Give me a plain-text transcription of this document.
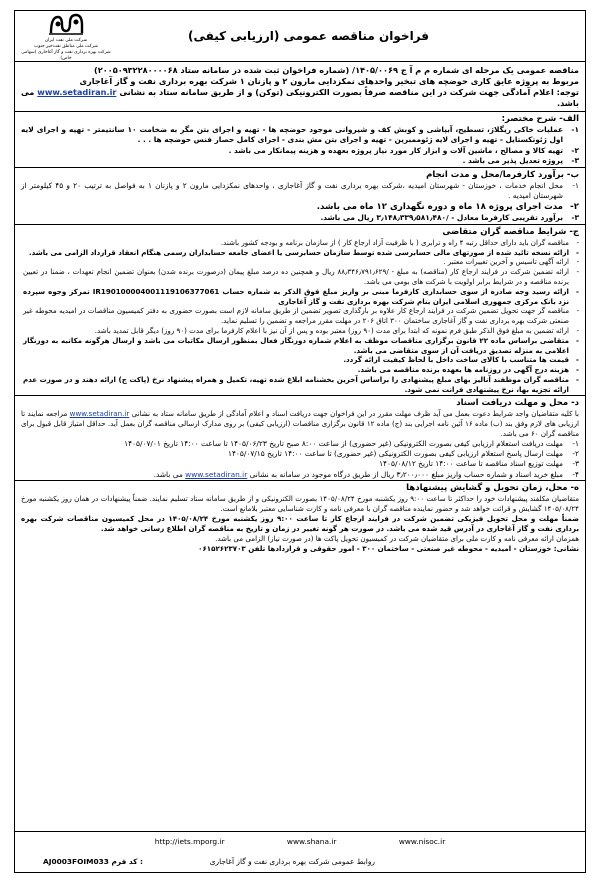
فراخوان مناقصه عمومی (ارزیابی کیفی)
شرکت ملی نفت ایران
شرکت ملی مناطق نفت‌خیز جنوب
شرکت بهره برداری نفت و گاز آغاجاری (سهامی خاص)
مناقصه عمومی یک مرحله ای شماره م م آ ج ۱۴۰۵/۰۰۶۹/ (شماره فراخوان ثبت شده در سامانه ستاد ۲۰۰۵۰۹۳۲۲۸۰۰۰۰۶۸)
مربوط به پروژه عایق کاری حوضچه های تبخیر واحدهای نمکزدایی مارون ۲ و پازنان ۱ شرکت بهره برداری نفت و گاز آغاجاری
توجه: اعلام آمادگی جهت شرکت در این مناقصه صرفاً بصورت الکترونیکی (توکن) و از طریق سامانه ستاد به نشانی www.setadiran.ir می باشد.
الف- شرح مختصر:
۱-
عملیات خاکی ریگلاژ، تسطیح، آبپاشی و کوبش کف و شیروانی موجود حوضچه ها - تهیه و اجرای بتن مگر به ضخامت ۱۰ سانتیمتر - تهیه و اجرای لایه اول ژئوتکستایل - تهیه و اجرای لایه ژئوممبرین - تهیه و اجرای بتن مش بندی - اجرای کامل حصار فنس حوضچه ها . . .
۲-
تهیه کالا و مصالح ، ماشین آلات و ابزار کار مورد نیاز پروژه بعهده و هزینه پیمانکار می باشد .
۳-
پروژه تعدیل پذیر می باشد .
ب- برآورد کارفرما/محل و مدت انجام
۱-
محل انجام خدمات ، خوزستان - شهرستان امیدیه ،شرکت بهره برداری نفت و گاز آغاجاری ، واحدهای نمکزدایی مارون ۲ و پازنان ۱ به فواصل به ترتیب ۲۰ و ۴۵ کیلومتر از شهرستان امیدیه .
۲-
مدت اجرای پروژه ۱۸ ماه و دوره نگهداری ۱۲ ماه می باشد.
۳-
برآورد تقریبی کارفرما معادل - /۳٫۱۴۸٫۳۳۹٫۵۸۱٫۴۸۰ ریال می باشد.
ج- شرایط مناقصه گران متقاضی
-
مناقصه گران باید دارای حداقل رتبه ۴ راه و ترابری ( با ظرفیت آزاد ارجاع کار ) از سازمان برنامه و بودجه کشور باشند.
-
ارائه نسخه تائید شده از صورتهای مالی حسابرسی شده توسط سازمان حسابرسی یا اعضای جامعه حسابداران رسمی هنگام انعقاد قرارداد الزامی می باشد.
-
ارائه آگهی تاسیس و آخرین تغییرات معتبر .
-
ارائه تضمین شرکت در فرایند ارجاع کار (مناقصه) به مبلغ - /۸۸٫۳۴۶٫۷۹۱٫۶۲۹ ریال و همچنین ده درصد مبلغ پیمان (درصورت برنده شدن) بعنوان تضمین انجام تعهدات ، ضمنا در تعیین برنده مناقصه و در شرایط برابر اولویت با شرکت های بومی می باشد.
-
ارائه رسید وجه صادره از سوی حسابداری کارفرما مبنی بر واریز مبلغ فوق الذکر به شماره حساب IR190100004001119106377061 تمرکز وجوه سپرده نزد بانک مرکزی جمهوری اسلامی ایران بنام شرکت بهره برداری نفت و گاز آغاجاری
-
مناقصه گر جهت تحویل تضمین شرکت در فرایند ارجاع کار علاوه بر بارگذاری تصویر تضمین از طریق سامانه لازم است بصورت حضوری به دفتر کمیسیون مناقصات در امیدیه محوطه غیر صنعتی شرکت بهره برداری نفت و گاز آغاجاری ساختمان ۳۰۰ اتاق ۲۰۶ در مهلت مقرر مراجعه و تضمین را تسلیم نماید.
-
ارائه تضمین به مبلغ فوق الذکر طبق فرم نمونه که ابتدا برای مدت (۹۰ روز) معتبر بوده و پس از آن نیز با اعلام کارفرما برای مدت (۹۰ روز) دیگر قابل تمدید باشد.
-
متقاضی براساس ماده ۲۲ قانون برگزاری مناقصات موظف به اعلام شماره دورنگار فعال بمنظور ارسال مکاتبات می باشد و ارسال هرگونه مکاتبه به دورنگار اعلامی به منزله تصدیق دریافت آن از سوی متقاضی می باشد.
-
قیمت ها متناسب با کالای ساخت داخل با لحاظ کیفیت ارائه گردد.
-
هزینه درج آگهی در روزنامه ها بعهده برنده مناقصه می باشد.
-
مناقصه گران موظفند آنالیز بهای مبلغ پیشنهادی را براساس آخرین بخشنامه ابلاغ شده تهیه، تکمیل و همراه پیشنهاد نرخ (پاکت ج) ارائه دهند و در صورت عدم ارائه تجزیه بها، نرخ پیشنهادی فرانت نمی شود.
د- محل و مهلت دریافت اسناد
با کلیه متقاضیان واجد شرایط دعوت بعمل می آید ظرف مهلت مقرر در این فراخوان جهت دریافت اسناد و اعلام آمادگی از طریق سامانه ستاد به نشانی www.setadiran.ir مراجعه نمایند تا ارزیابی های لازم وفق بند (ب) ماده ۱۶ آئین نامه اجرایی بند (ج) ماده ۱۲ قانون برگزاری مناقصات (ارزیابی کیفی) بر روی مدارک ارسالی مناقصه گران بعمل آید. حداقل امتیاز قابل قبول برای مناقصه گران ۶۰ می باشد.
۱-
مهلت دریافت استعلام ارزیابی کیفی بصورت الکترونیکی (غیر حضوری) از ساعت ۸:۰۰ صبح تاریخ ۱۴۰۵/۰۶/۲۳ تا ساعت ۱۴:۰۰ تاریخ ۱۴۰۵/۰۷/۰۱
۲-
مهلت ارسال پاسخ استعلام ارزیابی کیفی بصورت الکترونیکی (غیر حضوری) تا ساعت ۱۴:۰۰ تاریخ ۱۴۰۵/۰۷/۱۵
۳-
مهلت توزیع اسناد مناقصه تا ساعت ۱۴:۰۰ تاریخ ۱۴۰۵/۰۸/۱۲
۴-
مبلغ خرید اسناد و شماره حساب واریز مبلغ ۳٫۲۰۰٫۰۰۰ ریال از طریق درگاه موجود در سامانه به نشانی www.setadiran.ir می باشد.
ه- محل، زمان تحویل و گشایش پیشنهادها
متقاضیان مکلفند پیشنهادات خود را حداکثر تا ساعت ۹:۰۰ روز یکشنبه مورخ ۱۴۰۵/۰۸/۲۴ بصورت الکترونیکی و از طریق سامانه ستاد تسلیم نمایند. ضمناً پیشنهادات در همان روز یکشنبه مورخ ۱۴۰۵/۰۸/۲۴ گشایش و قرائت خواهد شد و حضور نماینده مناقصه گران با معرفی نامه و کارت شناسایی معتبر بلامانع است.
ضمناً مهلت و محل تحویل فیزیکی تضمین شرکت در فرایند ارجاع کار تا ساعت ۹:۰۰ روز یکشنبه مورخ ۱۴۰۵/۰۸/۲۴ در محل کمیسیون مناقصات شرکت بهره برداری نفت و گاز آغاجاری در آدرس قید شده می باشد. در صورت هر گونه تغییر در زمان و تاریخ به مناقصه گران اطلاع رسانی خواهد شد.
همزمان ارائه معرفی نامه و کارت ملی برای متقاضیان شرکت در کمیسیون تحویل پاکت ها (در صورت نیاز) الزامی می باشد.
نشانی: خوزستان - امیدیه - محوطه غیر صنعتی - ساختمان ۳۰۰ - امور حقوقی و قراردادها تلفن ۰۶۱۵۲۶۲۳۷۰۳
http://iets.mporg.ir	www.shana.ir	www.nisoc.ir
روابط عمومی شرکت بهره برداری نفت و گاز آغاجاری
AJ0003FOIM033 کد فرم :
